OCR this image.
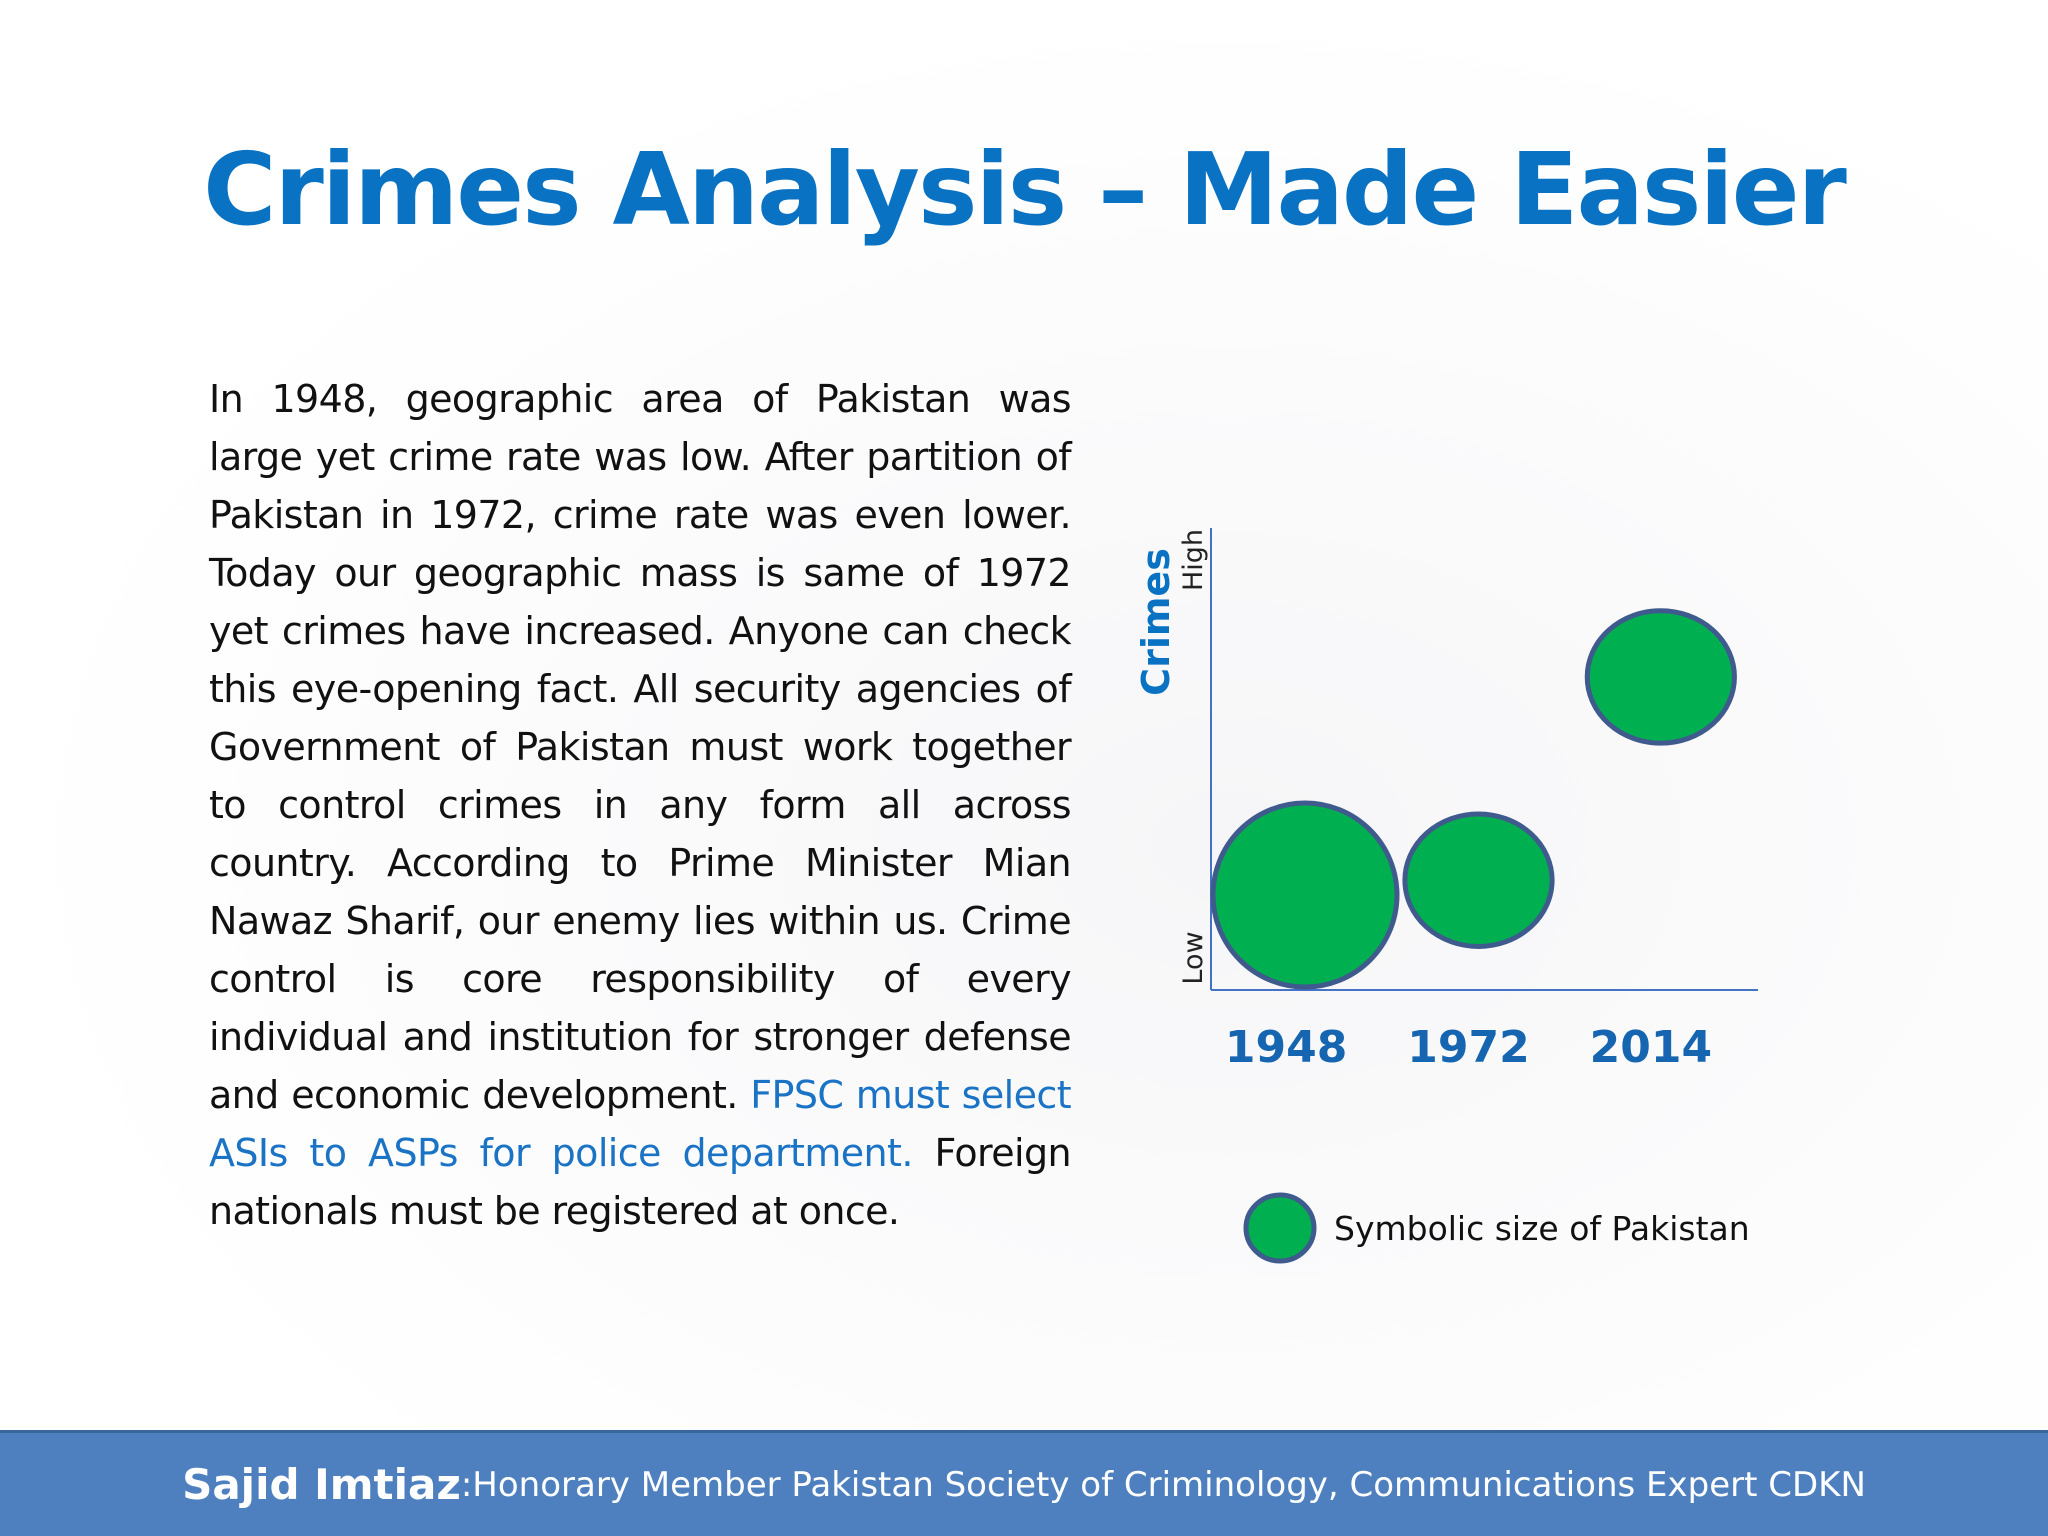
Crimes Analysis – Made Easier
In 1948, geographic area of Pakistan was large yet crime rate was low. After partition of Pakistan in 1972, crime rate was even lower. Today our geographic mass is same of 1972 yet crimes have increased. Anyone can check this eye-opening fact. All security agencies of Government of Pakistan must work together to control crimes in any form all across country. According to Prime Minister Mian Nawaz Sharif, our enemy lies within us. Crime control is core responsibility of every individual and institution for stronger defense and economic development. FPSC must select ASIs to ASPs for police department. Foreign nationals must be registered at once.
Crimes High
Low
1948 1972 2014
Symbolic size of Pakistan
Sajid Imtiaz : Honorary Member Pakistan Society of Criminology, Communications Expert CDKN
